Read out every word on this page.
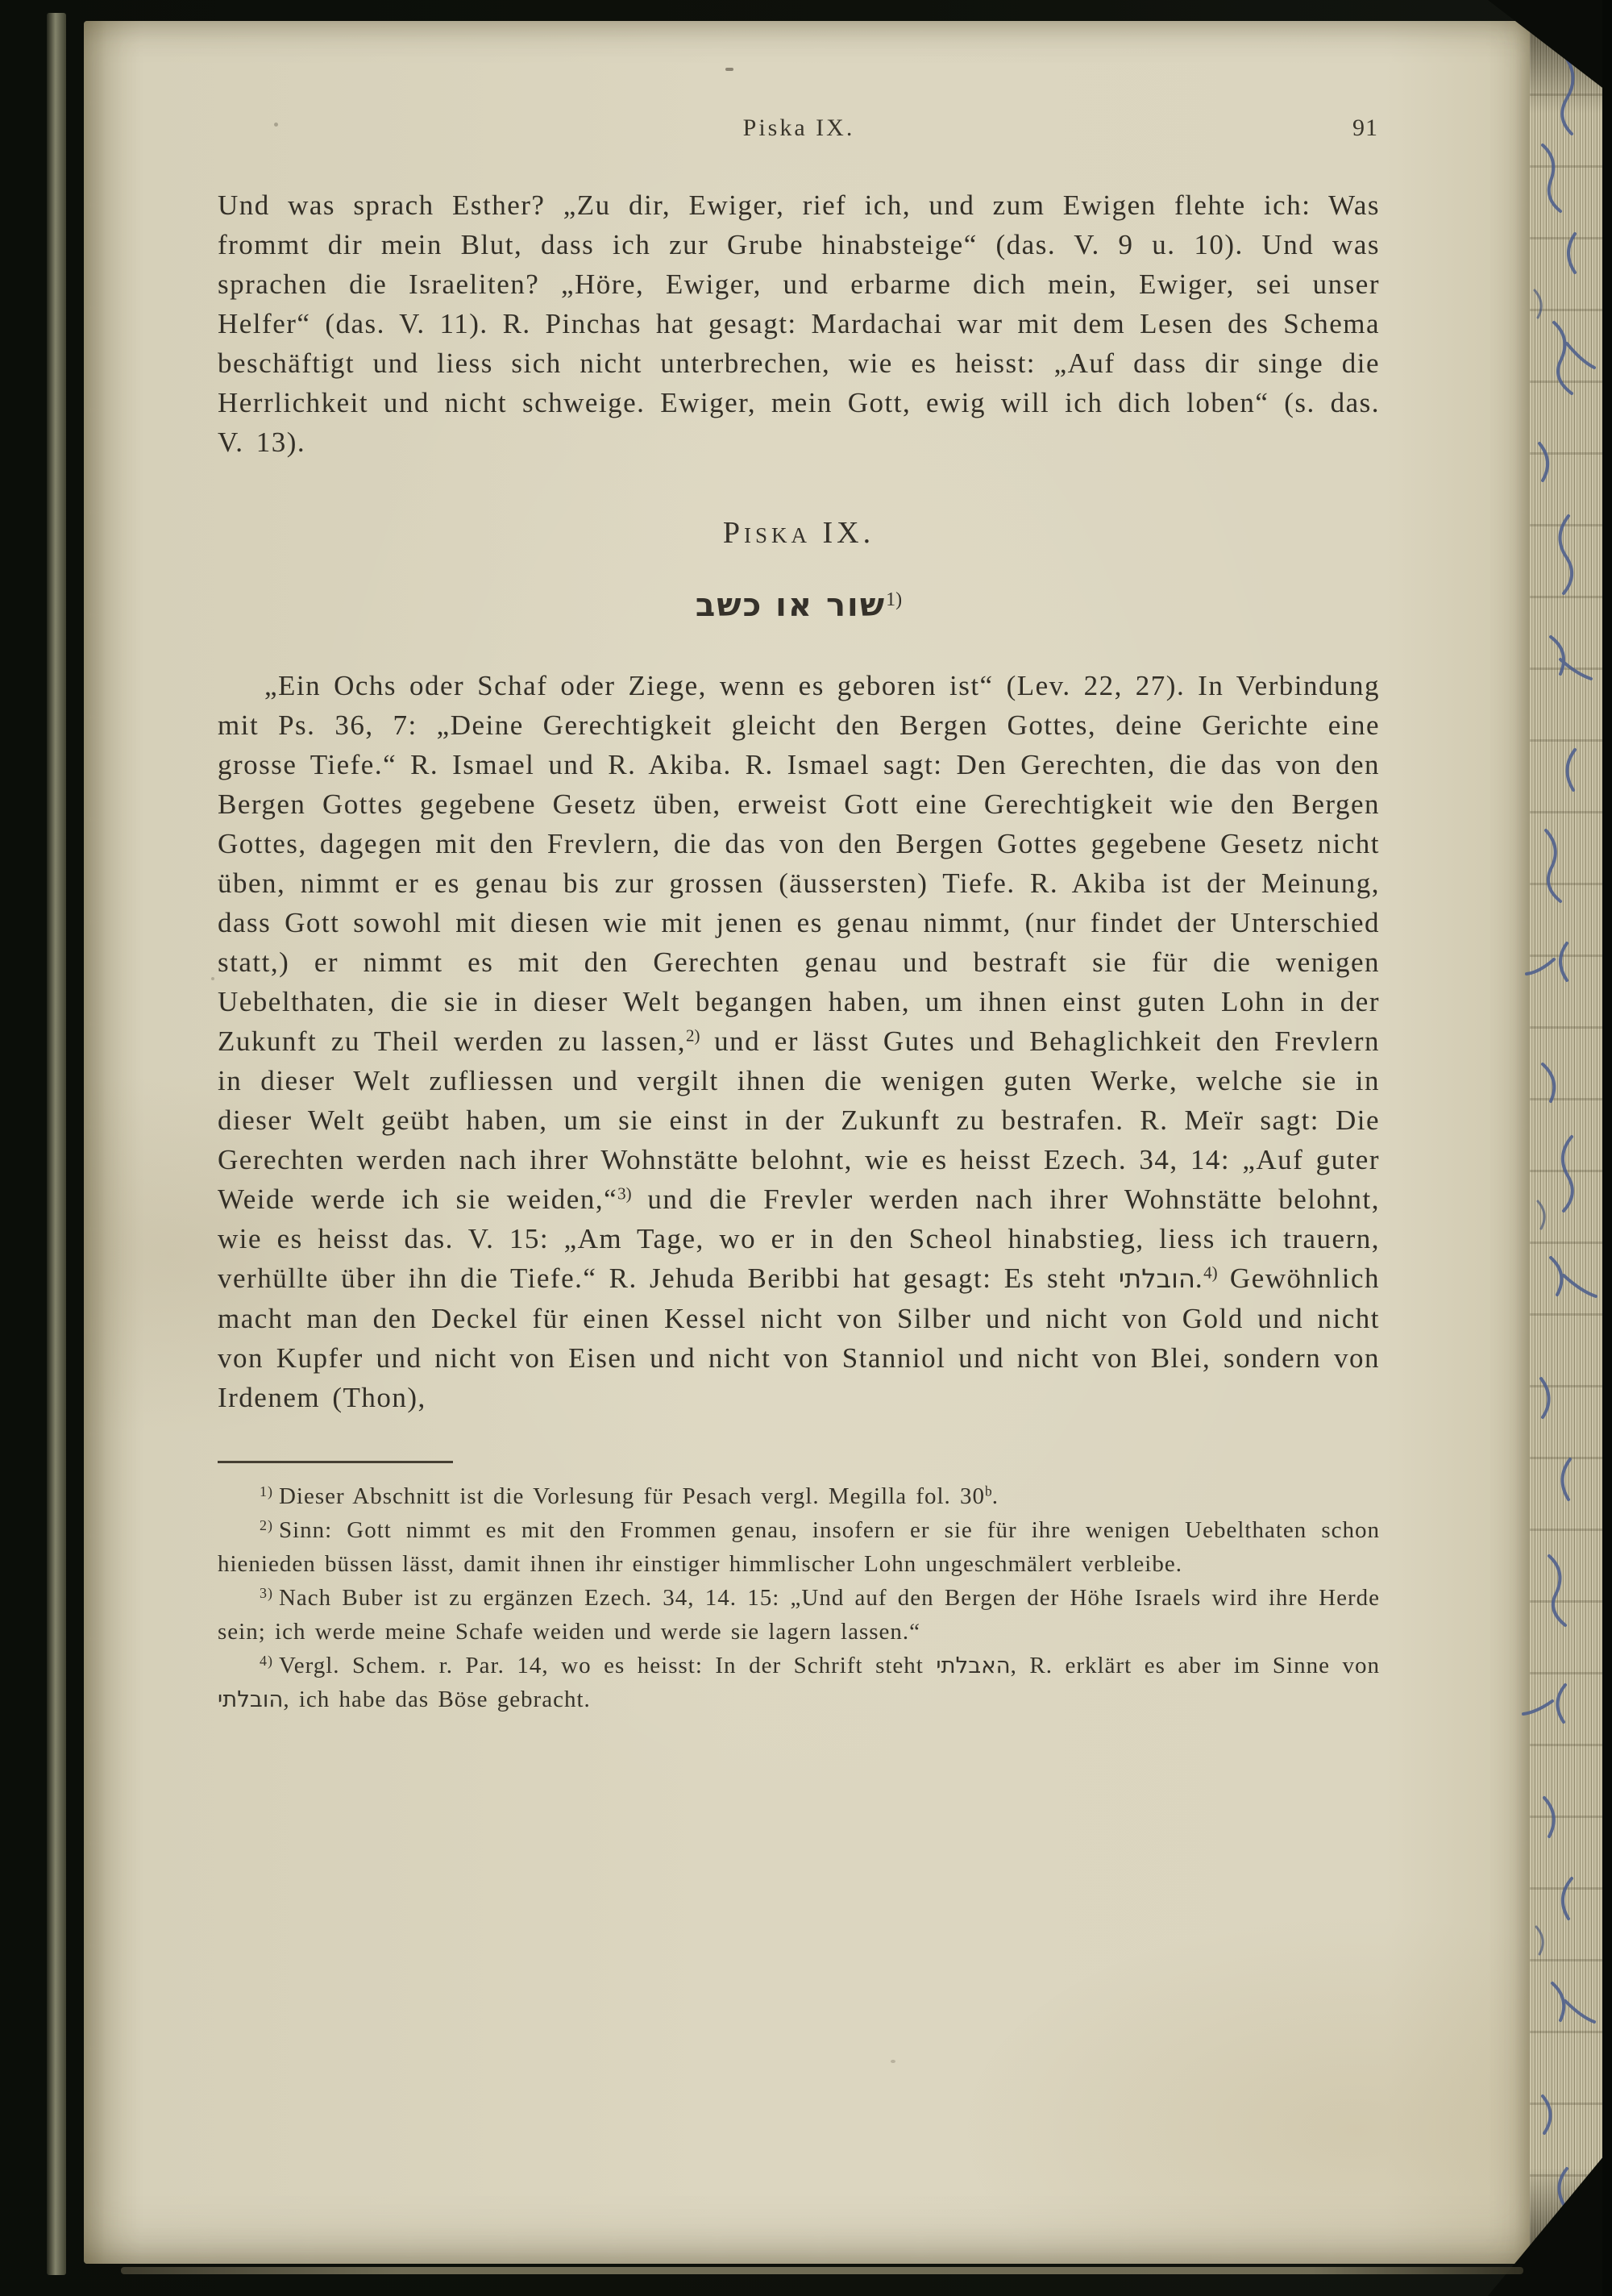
Piska IX.	91

Und was sprach Esther? „Zu dir, Ewiger, rief ich, und zum Ewigen flehte ich: Was frommt dir mein Blut, dass ich zur Grube hinabsteige“ (das. V. 9 u. 10). Und was sprachen die Israeliten? „Höre, Ewiger, und erbarme dich mein, Ewiger, sei unser Helfer“ (das. V. 11). R. Pinchas hat gesagt: Mardachai war mit dem Lesen des Schema beschäftigt und liess sich nicht unterbrechen, wie es heisst: „Auf dass dir singe die Herrlichkeit und nicht schweige. Ewiger, mein Gott, ewig will ich dich loben“ (s. das. V. 13).

Piska IX.
שור או כשב$^{1)}$

„Ein Ochs oder Schaf oder Ziege, wenn es geboren ist“ (Lev. 22, 27). In Verbindung mit Ps. 36, 7: „Deine Gerechtigkeit gleicht den Bergen Gottes, deine Gerichte eine grosse Tiefe.“ R. Ismael und R. Akiba. R. Ismael sagt: Den Gerechten, die das von den Bergen Gottes gegebene Gesetz üben, erweist Gott eine Gerechtigkeit wie den Bergen Gottes, dagegen mit den Frevlern, die das von den Bergen Gottes gegebene Gesetz nicht üben, nimmt er es genau bis zur grossen (äussersten) Tiefe. R. Akiba ist der Meinung, dass Gott sowohl mit diesen wie mit jenen es genau nimmt, (nur findet der Unterschied statt,) er nimmt es mit den Gerechten genau und bestraft sie für die wenigen Uebelthaten, die sie in dieser Welt begangen haben, um ihnen einst guten Lohn in der Zukunft zu Theil werden zu lassen,$^{2)}$ und er lässt Gutes und Behaglichkeit den Frevlern in dieser Welt zufliessen und vergilt ihnen die wenigen guten Werke, welche sie in dieser Welt geübt haben, um sie einst in der Zukunft zu bestrafen. R. Meïr sagt: Die Gerechten werden nach ihrer Wohnstätte belohnt, wie es heisst Ezech. 34, 14: „Auf guter Weide werde ich sie weiden,“$^{3)}$ und die Frevler werden nach ihrer Wohnstätte belohnt, wie es heisst das. V. 15: „Am Tage, wo er in den Scheol hinabstieg, liess ich trauern, verhüllte über ihn die Tiefe.“ R. Jehuda Beribbi hat gesagt: Es steht הובלתי.$^{4)}$ Gewöhnlich macht man den Deckel für einen Kessel nicht von Silber und nicht von Gold und nicht von Kupfer und nicht von Eisen und nicht von Stanniol und nicht von Blei, sondern von Irdenem (Thon),

$^{1)}$ Dieser Abschnitt ist die Vorlesung für Pesach vergl. Megilla fol. 30$^b$.

$^{2)}$ Sinn: Gott nimmt es mit den Frommen genau, insofern er sie für ihre wenigen Uebelthaten schon hienieden büssen lässt, damit ihnen ihr einstiger himmlischer Lohn ungeschmälert verbleibe.

$^{3)}$ Nach Buber ist zu ergänzen Ezech. 34, 14. 15: „Und auf den Bergen der Höhe Israels wird ihre Herde sein; ich werde meine Schafe weiden und werde sie lagern lassen.“

$^{4)}$ Vergl. Schem. r. Par. 14, wo es heisst: In der Schrift steht האבלתי, R. erklärt es aber im Sinne von הובלתי, ich habe das Böse gebracht.
